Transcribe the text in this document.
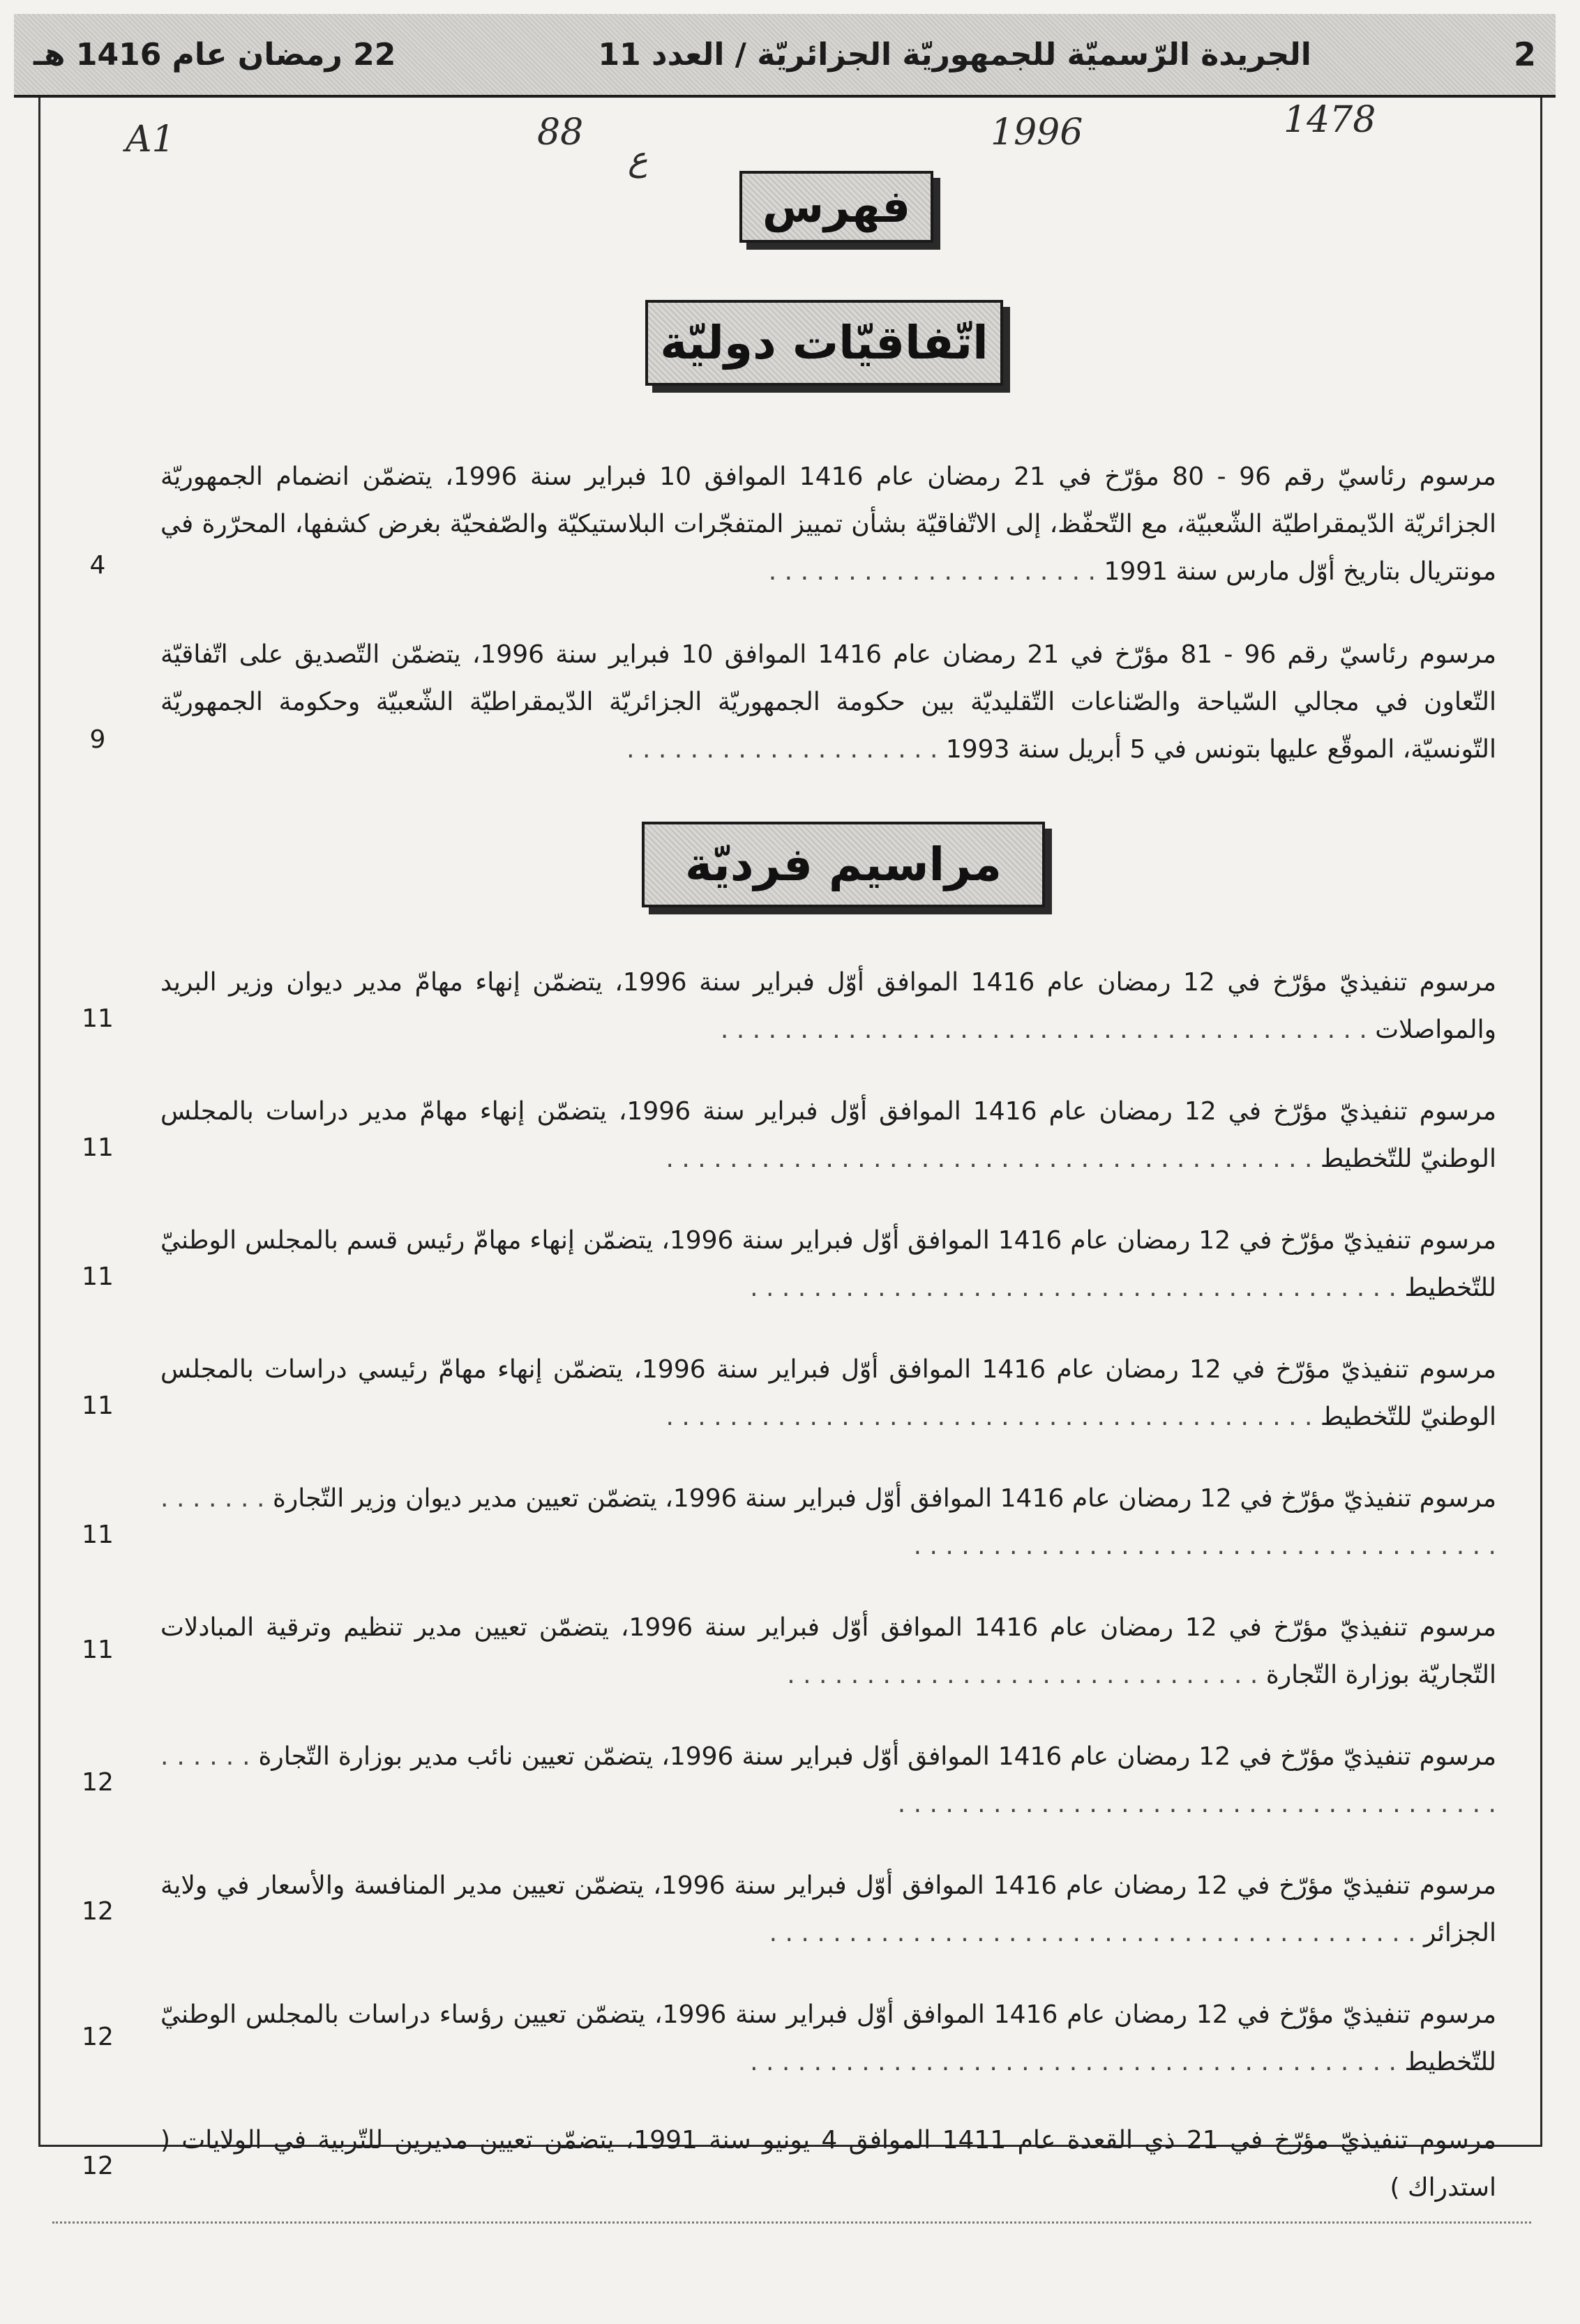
2
الجريدة الرّسميّة للجمهوريّة الجزائريّة / العدد 11
22 رمضان عام 1416 هـ
A1	88
ع
1996	1478
فهرس
اتّفاقيّات دوليّة
مرسوم رئاسيّ رقم 96 - 80 مؤرّخ في 21 رمضان عام 1416 الموافق 10 فبراير سنة 1996، يتضمّن انضمام الجمهوريّة الجزائريّة الدّيمقراطيّة الشّعبيّة، مع التّحفّظ، إلى الاتّفاقيّة بشأن تمييز المتفجّرات البلاستيكيّة والصّفحيّة بغرض كشفها، المحرّرة في مونتريال بتاريخ أوّل مارس سنة 1991 . . . . . . . . . . . . . . . . . . . . .
4
مرسوم رئاسيّ رقم 96 - 81 مؤرّخ في 21 رمضان عام 1416 الموافق 10 فبراير سنة 1996، يتضمّن التّصديق على اتّفاقيّة التّعاون في مجالي السّياحة والصّناعات التّقليديّة بين حكومة الجمهوريّة الجزائريّة الدّيمقراطيّة الشّعبيّة وحكومة الجمهوريّة التّونسيّة، الموقّع عليها بتونس في 5 أبريل سنة 1993 . . . . . . . . . . . . . . . . . . . .
9
مراسيم فرديّة
مرسوم تنفيذيّ مؤرّخ في 12 رمضان عام 1416 الموافق أوّل فبراير سنة 1996، يتضمّن إنهاء مهامّ مدير ديوان وزير البريد والمواصلات . . . . . . . . . . . . . . . . . . . . . . . . . . . . . . . . . . . . . . . . .
11
مرسوم تنفيذيّ مؤرّخ في 12 رمضان عام 1416 الموافق أوّل فبراير سنة 1996، يتضمّن إنهاء مهامّ مدير دراسات بالمجلس الوطنيّ للتّخطيط . . . . . . . . . . . . . . . . . . . . . . . . . . . . . . . . . . . . . . . . .
11
مرسوم تنفيذيّ مؤرّخ في 12 رمضان عام 1416 الموافق أوّل فبراير سنة 1996، يتضمّن إنهاء مهامّ رئيس قسم بالمجلس الوطنيّ للتّخطيط . . . . . . . . . . . . . . . . . . . . . . . . . . . . . . . . . . . . . . . . .
11
مرسوم تنفيذيّ مؤرّخ في 12 رمضان عام 1416 الموافق أوّل فبراير سنة 1996، يتضمّن إنهاء مهامّ رئيسي دراسات بالمجلس الوطنيّ للتّخطيط . . . . . . . . . . . . . . . . . . . . . . . . . . . . . . . . . . . . . . . . .
11
مرسوم تنفيذيّ مؤرّخ في 12 رمضان عام 1416 الموافق أوّل فبراير سنة 1996، يتضمّن تعيين مدير ديوان وزير التّجارة . . . . . . . . . . . . . . . . . . . . . . . . . . . . . . . . . . . . . . . . . . . .
11
مرسوم تنفيذيّ مؤرّخ في 12 رمضان عام 1416 الموافق أوّل فبراير سنة 1996، يتضمّن تعيين مدير تنظيم وترقية المبادلات التّجاريّة بوزارة التّجارة . . . . . . . . . . . . . . . . . . . . . . . . . . . . . .
11
مرسوم تنفيذيّ مؤرّخ في 12 رمضان عام 1416 الموافق أوّل فبراير سنة 1996، يتضمّن تعيين نائب مدير بوزارة التّجارة . . . . . . . . . . . . . . . . . . . . . . . . . . . . . . . . . . . . . . . . . . . .
12
مرسوم تنفيذيّ مؤرّخ في 12 رمضان عام 1416 الموافق أوّل فبراير سنة 1996، يتضمّن تعيين مدير المنافسة والأسعار في ولاية الجزائر . . . . . . . . . . . . . . . . . . . . . . . . . . . . . . . . . . . . . . . . .
12
مرسوم تنفيذيّ مؤرّخ في 12 رمضان عام 1416 الموافق أوّل فبراير سنة 1996، يتضمّن تعيين رؤساء دراسات بالمجلس الوطنيّ للتّخطيط . . . . . . . . . . . . . . . . . . . . . . . . . . . . . . . . . . . . . . . . .
12
مرسوم تنفيذيّ مؤرّخ في 21 ذي القعدة عام 1411 الموافق 4 يونيو سنة 1991، يتضمّن تعيين مديرين للتّربية في الولايات ( استدراك )
12
